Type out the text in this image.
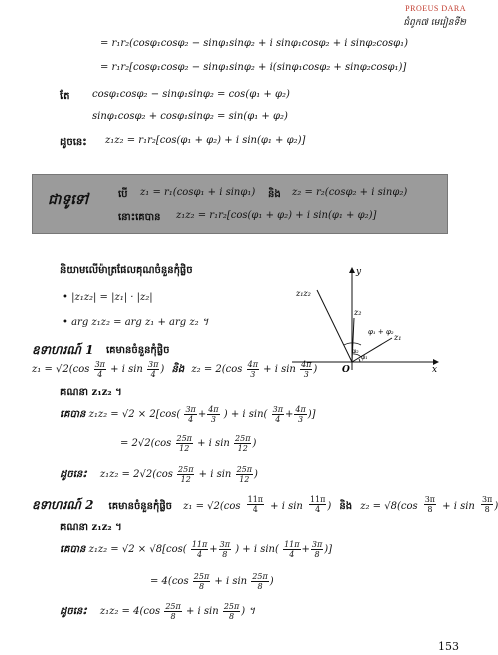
PROEUS DARA
ជំពូក៧ មេរៀនទី២
= r₁r₂(cosφ₁cosφ₂ − sinφ₁sinφ₂ + i sinφ₁cosφ₂ + i sinφ₂cosφ₁)
= r₁r₂[cosφ₁cosφ₂ − sinφ₁sinφ₂ + i(sinφ₁cosφ₂ + sinφ₂cosφ₁)]
តែ cosφ₁cosφ₂ − sinφ₁sinφ₂ = cos(φ₁ + φ₂)
sinφ₁cosφ₂ + cosφ₁sinφ₂ = sin(φ₁ + φ₂)
ដូចនេះ z₁z₂ = r₁r₂[cos(φ₁ + φ₂) + i sin(φ₁ + φ₂)]
ជាទូទៅ	បើ z₁ = r₁(cosφ₁ + i sinφ₁) និង z₂ = r₂(cosφ₂ + i sinφ₂)
នោះគេបាន z₁z₂ = r₁r₂[cos(φ₁ + φ₂) + i sin(φ₁ + φ₂)]
និយាមលើម៉ាត្រផែលគុណចំនួនកុំផ្លិច
• |z₁z₂| = |z₁| · |z₂|
• arg z₁z₂ = arg z₁ + arg z₂ ។
y
x
O
z₁z₂
z₂
z₁
φ₁ + φ₂
φ₂
φ₁
ឧទាហរណ៍ 1 គេមានចំនួនកុំផ្លិច
$z_1 = √2(\cos \frac{3\pi}{4} + i$ $\sin \frac{3\pi}{4}$ ) និង $z_2 = 2(\cos \frac{4\pi}{3} + i$ $\sin \frac{4\pi}{3}$ )
គណនា z₁z₂ ។
គេបាន $z_1z_2 = √2 \times 2[\cos( \frac{3\pi}{4} + \frac{4\pi}{3}$ ) + i $\sin( \frac{3\pi}{4} + \frac{4\pi}{3}$ )]
= $2√2(\cos \frac{25\pi}{12} + i$ $\sin \frac{25\pi}{12}$ )
ដូចនេះ $z_1z_2 = 2√2(\cos \frac{25\pi}{12} + i$ $\sin \frac{25\pi}{12}$ )
ឧទាហរណ៍ 2 គេមានចំនួនកុំផ្លិច $z_1 = √2(\cos \frac{11\pi}{4} + i$ $\sin \frac{11\pi}{4}$ ) និង $z_2 = √8(\cos \frac{3\pi}{8} + i$ $\sin \frac{3\pi}{8}$ )
គណនា z₁z₂ ។
គេបាន $z_1z_2 = √2 \times √8[\cos( \frac{11\pi}{4} + \frac{3\pi}{8}$ ) + i $\sin( \frac{11\pi}{4} + \frac{3\pi}{8}$ )]
= $4(\cos \frac{25\pi}{8} + i$ $\sin \frac{25\pi}{8}$ )
ដូចនេះ $z_1z_2 = 4(\cos \frac{25\pi}{8} + i$ $\sin \frac{25\pi}{8}$ ) ។
153
